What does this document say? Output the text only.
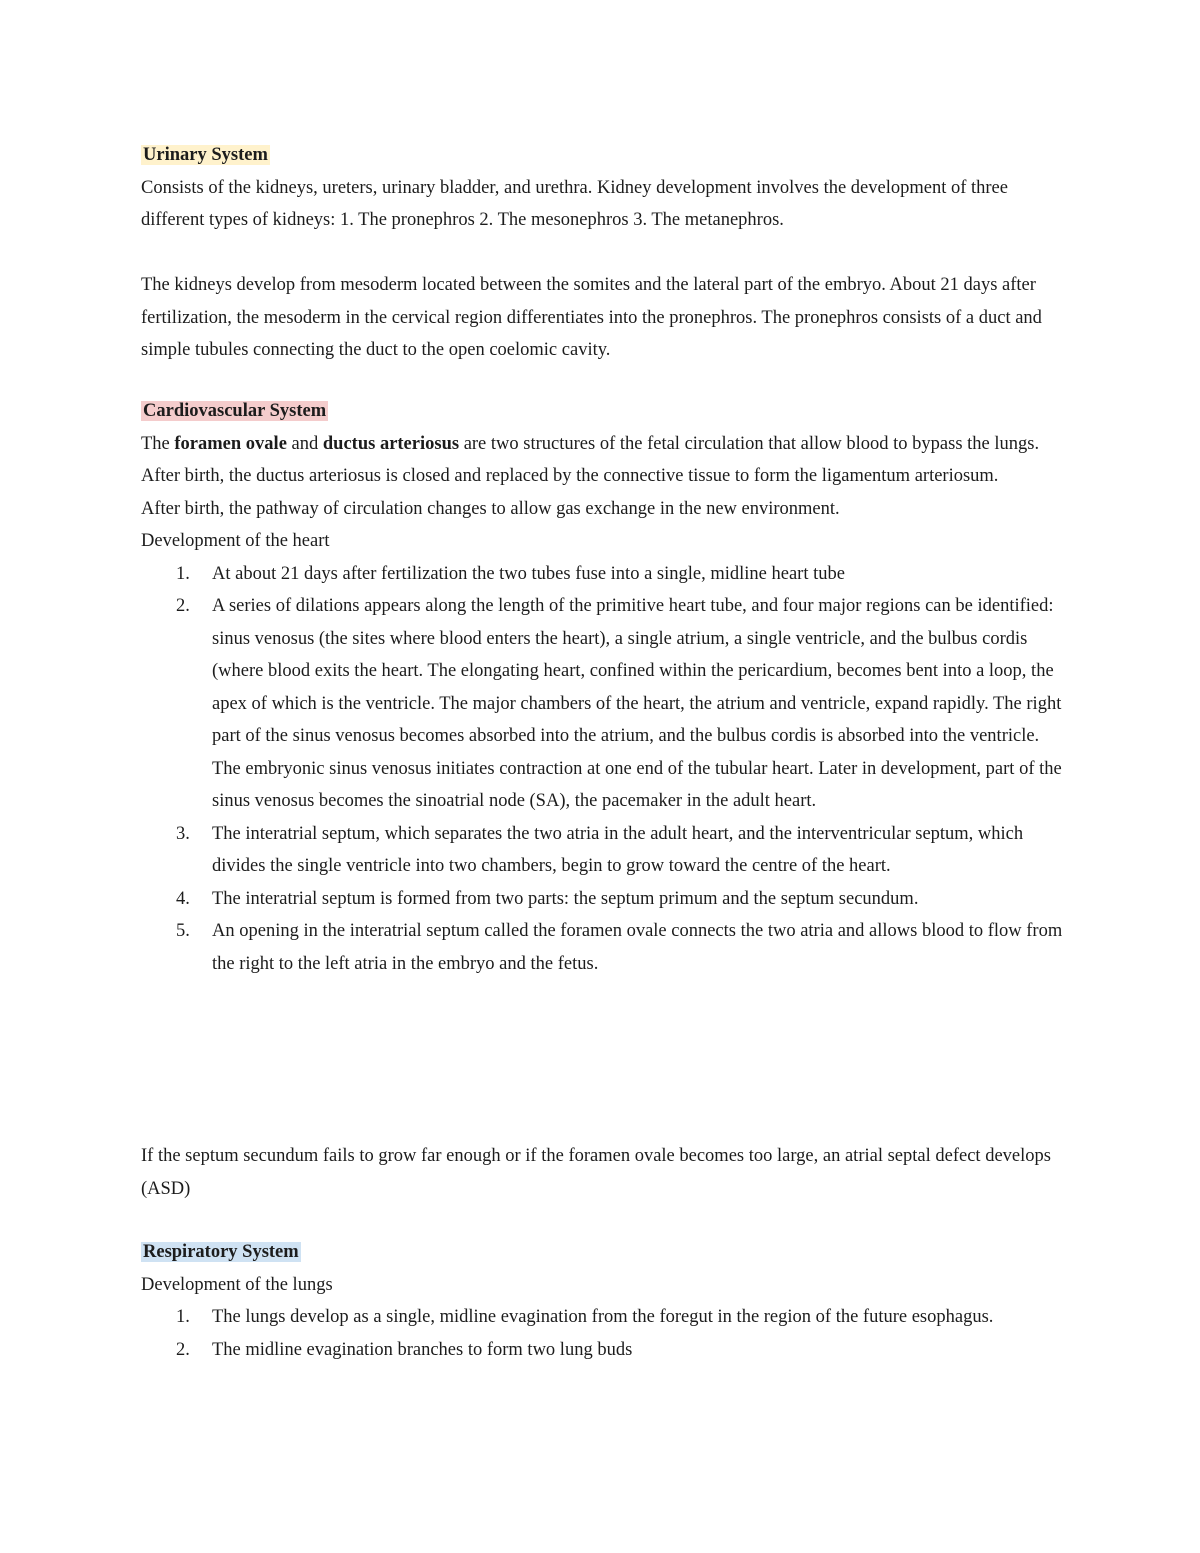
Urinary System

Consists of the kidneys, ureters, urinary bladder, and urethra. Kidney development involves the development of three different types of kidneys: 1. The pronephros 2. The mesonephros 3. The metanephros.

The kidneys develop from mesoderm located between the somites and the lateral part of the embryo. About 21 days after fertilization, the mesoderm in the cervical region differentiates into the pronephros. The pronephros consists of a duct and simple tubules connecting the duct to the open coelomic cavity.

Cardiovascular System

The foramen ovale and ductus arteriosus are two structures of the fetal circulation that allow blood to bypass the lungs.

After birth, the ductus arteriosus is closed and replaced by the connective tissue to form the ligamentum arteriosum.

After birth, the pathway of circulation changes to allow gas exchange in the new environment.

Development of the heart

1. At about 21 days after fertilization the two tubes fuse into a single, midline heart tube
2. A series of dilations appears along the length of the primitive heart tube, and four major regions can be identified: sinus venosus (the sites where blood enters the heart), a single atrium, a single ventricle, and the bulbus cordis (where blood exits the heart. The elongating heart, confined within the pericardium, becomes bent into a loop, the apex of which is the ventricle. The major chambers of the heart, the atrium and ventricle, expand rapidly. The right part of the sinus venosus becomes absorbed into the atrium, and the bulbus cordis is absorbed into the ventricle. The embryonic sinus venosus initiates contraction at one end of the tubular heart. Later in development, part of the sinus venosus becomes the sinoatrial node (SA), the pacemaker in the adult heart.
3. The interatrial septum, which separates the two atria in the adult heart, and the interventricular septum, which divides the single ventricle into two chambers, begin to grow toward the centre of the heart.
4. The interatrial septum is formed from two parts: the septum primum and the septum secundum.
5. An opening in the interatrial septum called the foramen ovale connects the two atria and allows blood to flow from the right to the left atria in the embryo and the fetus.

If the septum secundum fails to grow far enough or if the foramen ovale becomes too large, an atrial septal defect develops (ASD)

Respiratory System

Development of the lungs

1. The lungs develop as a single, midline evagination from the foregut in the region of the future esophagus.
2. The midline evagination branches to form two lung buds
